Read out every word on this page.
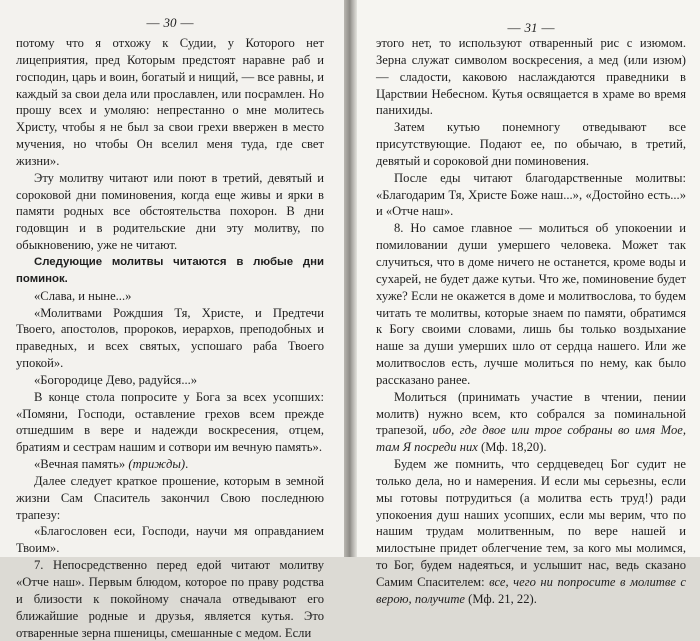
— 30 —

потому что я отхожу к Судии, у Которого нет лицеприятия, пред Которым предстоят наравне раб и господин, царь и воин, богатый и нищий, — все равны, и каждый за свои дела или прославлен, или посрамлен. Но прошу всех и умоляю: непрестанно о мне молитесь Христу, чтобы я не был за свои грехи ввержен в место мучения, но чтобы Он вселил меня туда, где свет жизни».

Эту молитву читают или поют в третий, девятый и сороковой дни поминовения, когда еще живы и ярки в памяти родных все обстоятельства похорон. В дни годовщин и в родительские дни эту молитву, по обыкновению, уже не читают.

Следующие молитвы читаются в любые дни поминок.

«Слава, и ныне...»

«Молитвами Рождшия Тя, Христе, и Предтечи Твоего, апостолов, пророков, иерархов, преподобных и праведных, и всех святых, успошаго раба Твоего упокой».

«Богородице Дево, радуйся...»

В конце стола попросите у Бога за всех усопших: «Помяни, Господи, оставление грехов всем прежде отшедшим в вере и надежди воскресения, отцем, братиям и сестрам нашим и сотвори им вечную память».

«Вечная память» (трижды).

Далее следует краткое прошение, которым в земной жизни Сам Спаситель закончил Свою последнюю трапезу:

«Благословен еси, Господи, научи мя оправданием Твоим».

7. Непосредственно перед едой читают молитву «Отче наш». Первым блюдом, которое по праву родства и близости к покойному сначала отведывают его ближайшие родные и друзья, является кутья. Это отваренные зерна пшеницы, смешанные с медом. Если

— 31 —

этого нет, то используют отваренный рис с изюмом. Зерна служат символом воскресения, а мед (или изюм) — сладости, каковою наслаждаются праведники в Царствии Небесном. Кутья освящается в храме во время панихиды.

Затем кутью понемногу отведывают все присутствующие. Подают ее, по обычаю, в третий, девятый и сороковой дни поминовения.

После еды читают благодарственные молитвы: «Благодарим Тя, Христе Боже наш...», «Достойно есть...» и «Отче наш».

8. Но самое главное — молиться об упокоении и помиловании души умершего человека. Может так случиться, что в доме ничего не останется, кроме воды и сухарей, не будет даже кутьи. Что же, поминовение будет хуже? Если не окажется в доме и молитвослова, то будем читать те молитвы, которые знаем по памяти, обратимся к Богу своими словами, лишь бы только воздыхание наше за души умерших шло от сердца нашего. Или же молитвослов есть, лучше молиться по нему, как было рассказано ранее.

Молиться (принимать участие в чтении, пении молитв) нужно всем, кто собрался за поминальной трапезой, ибо, где двое или трое собраны во имя Мое, там Я посреди них (Мф. 18,20).

Будем же помнить, что сердцеведец Бог судит не только дела, но и намерения. И если мы серьезны, если мы готовы потрудиться (а молитва есть труд!) ради упокоения душ наших усопших, если мы верим, что по нашим трудам молитвенным, по вере нашей и милостыне придет облегчение тем, за кого мы молимся, то Бог, будем надеяться, и услышит нас, ведь сказано Самим Спасителем: все, чего ни попросите в молитве с верою, получите (Мф. 21, 22).
